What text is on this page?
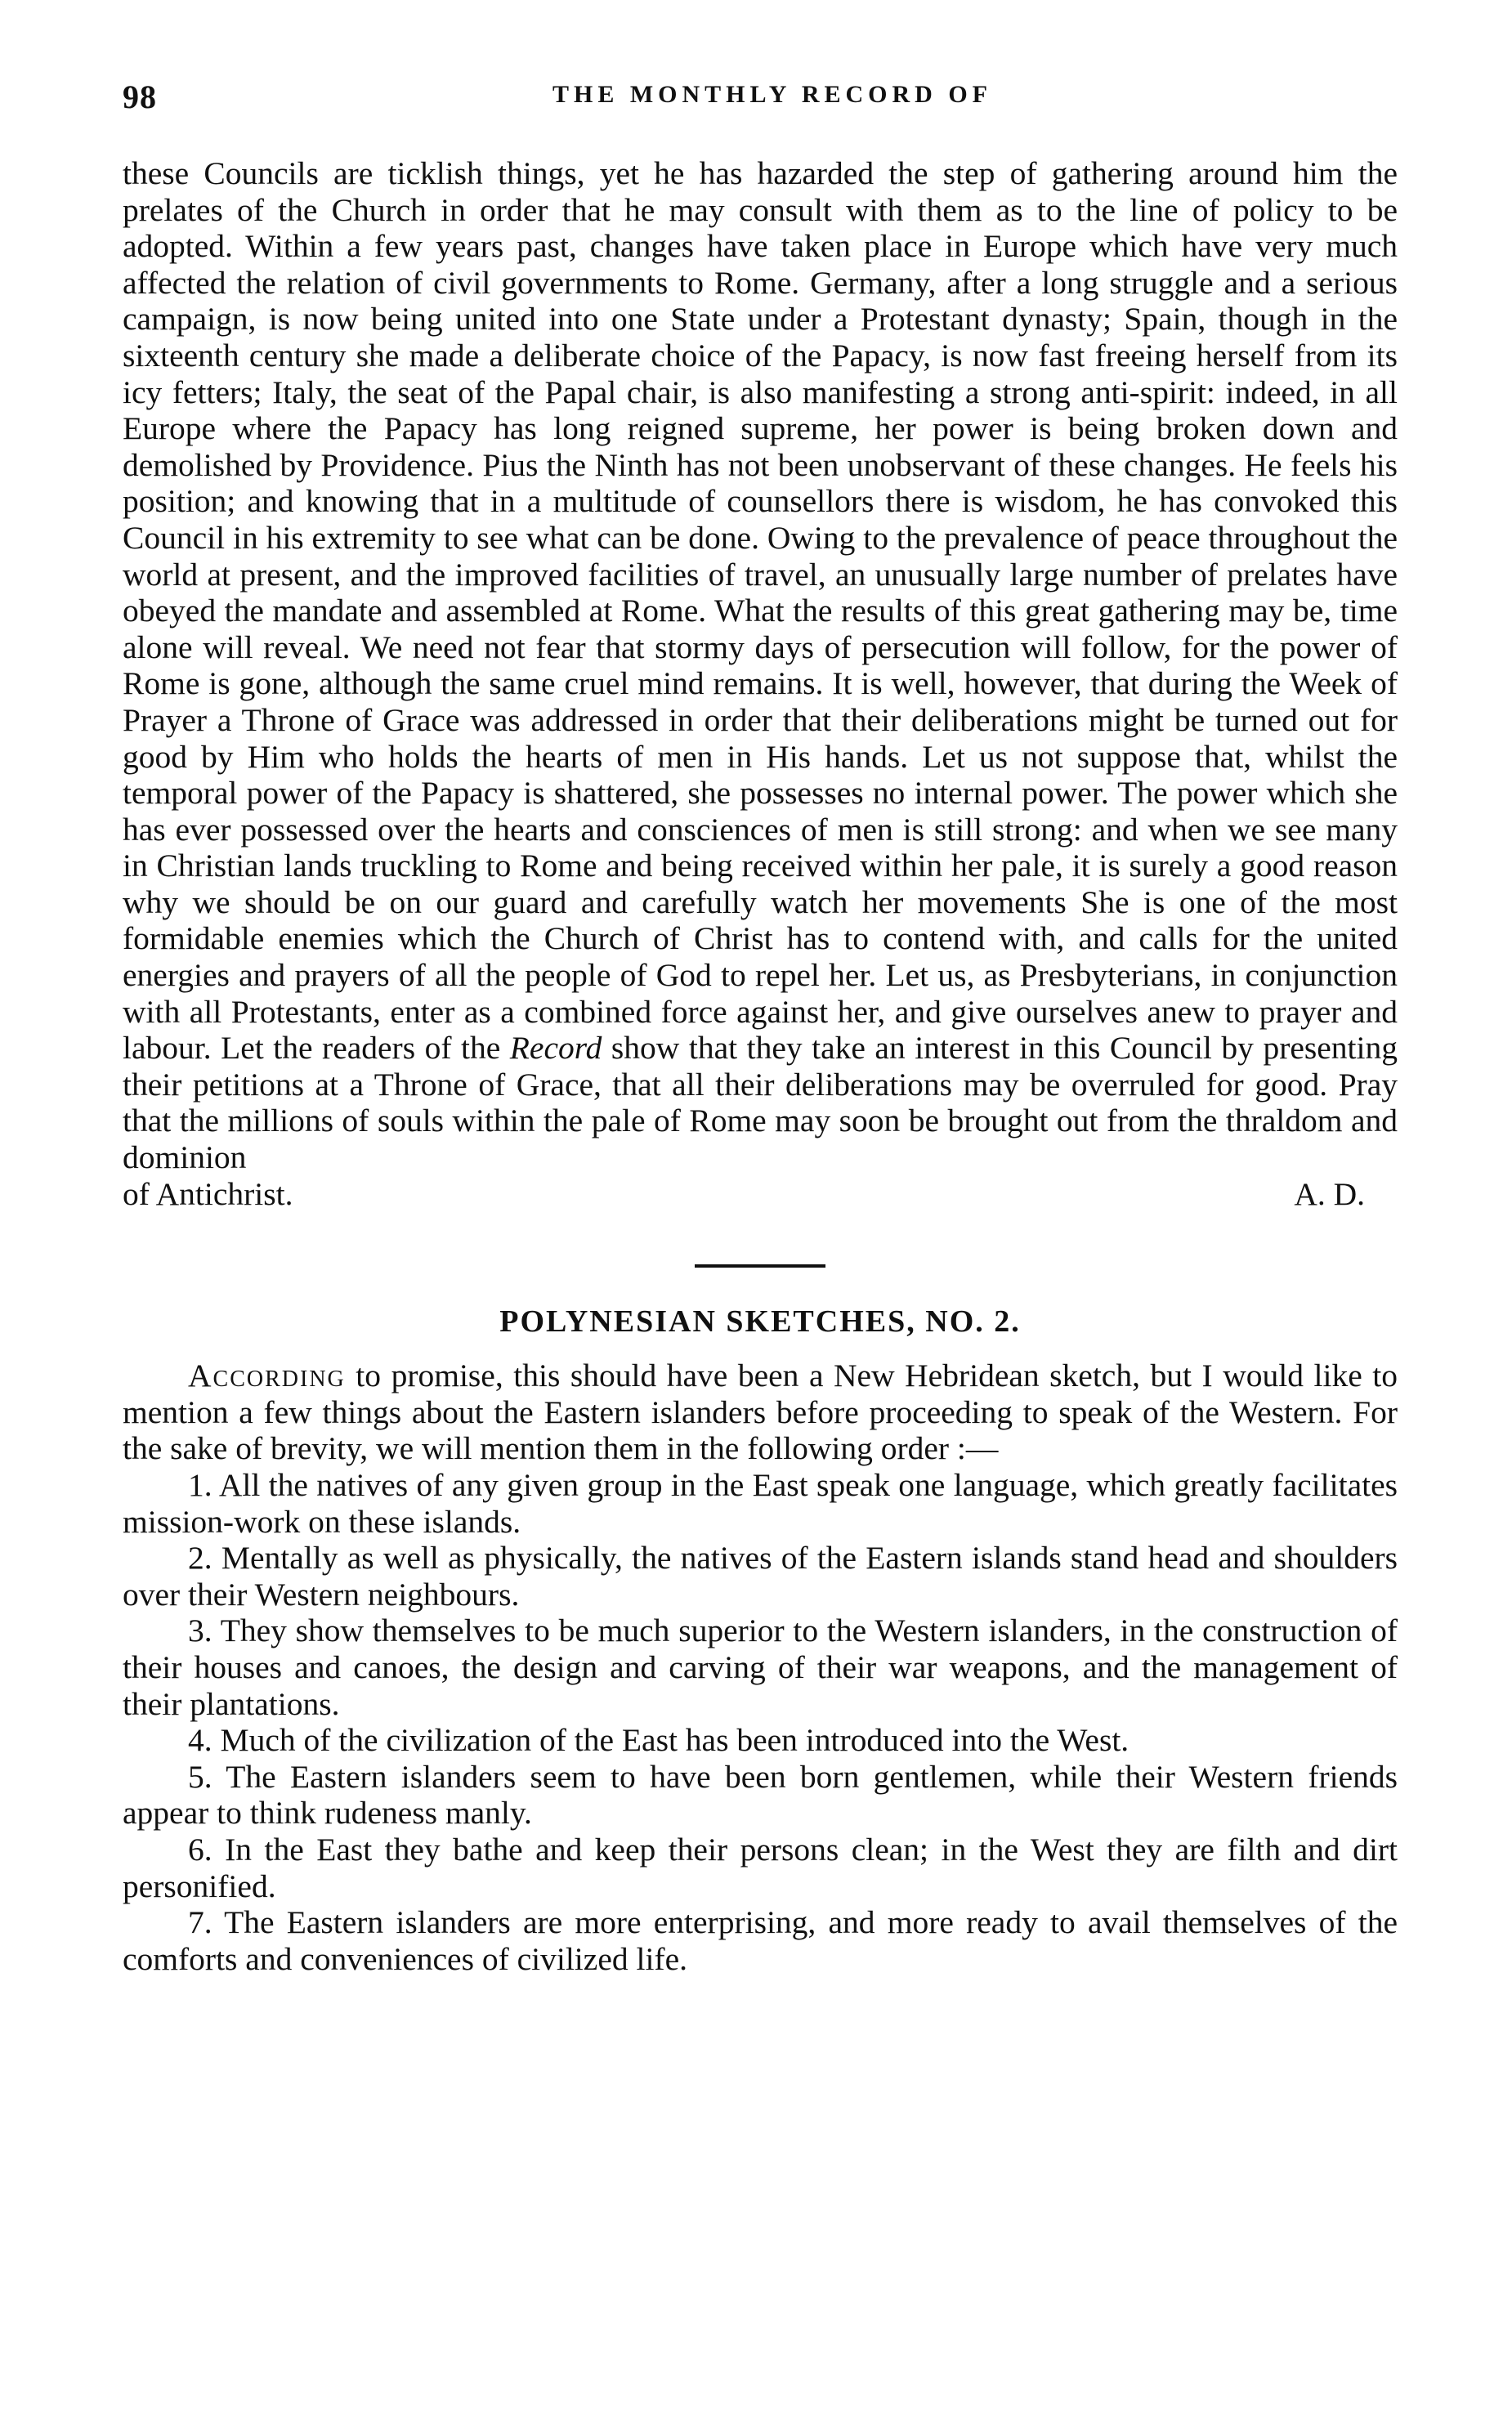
98	THE MONTHLY RECORD OF

these Councils are ticklish things, yet he has hazarded the step of gathering around him the prelates of the Church in order that he may consult with them as to the line of policy to be adopted. Within a few years past, changes have taken place in Europe which have very much affected the relation of civil governments to Rome. Germany, after a long struggle and a serious campaign, is now being united into one State under a Protestant dynasty; Spain, though in the sixteenth century she made a deliberate choice of the Papacy, is now fast freeing herself from its icy fetters; Italy, the seat of the Papal chair, is also manifesting a strong anti-spirit: indeed, in all Europe where the Papacy has long reigned supreme, her power is being broken down and demolished by Providence. Pius the Ninth has not been unobservant of these changes. He feels his position; and knowing that in a multitude of counsellors there is wisdom, he has convoked this Council in his extremity to see what can be done. Owing to the prevalence of peace throughout the world at present, and the improved facilities of travel, an unusually large number of prelates have obeyed the mandate and assembled at Rome. What the results of this great gathering may be, time alone will reveal. We need not fear that stormy days of persecution will follow, for the power of Rome is gone, although the same cruel mind remains. It is well, however, that during the Week of Prayer a Throne of Grace was addressed in order that their deliberations might be turned out for good by Him who holds the hearts of men in His hands. Let us not suppose that, whilst the temporal power of the Papacy is shattered, she possesses no internal power. The power which she has ever possessed over the hearts and consciences of men is still strong: and when we see many in Christian lands truckling to Rome and being received within her pale, it is surely a good reason why we should be on our guard and carefully watch her movements She is one of the most formidable enemies which the Church of Christ has to contend with, and calls for the united energies and prayers of all the people of God to repel her. Let us, as Presbyterians, in conjunction with all Protestants, enter as a combined force against her, and give ourselves anew to prayer and labour. Let the readers of the Record show that they take an interest in this Council by presenting their petitions at a Throne of Grace, that all their deliberations may be overruled for good. Pray that the millions of souls within the pale of Rome may soon be brought out from the thraldom and dominion

of Antichrist.	A. D.
POLYNESIAN SKETCHES, NO. 2.

According to promise, this should have been a New Hebridean sketch, but I would like to mention a few things about the Eastern islanders before proceeding to speak of the Western. For the sake of brevity, we will mention them in the following order :—

1. All the natives of any given group in the East speak one language, which greatly facilitates mission-work on these islands.

2. Mentally as well as physically, the natives of the Eastern islands stand head and shoulders over their Western neighbours.

3. They show themselves to be much superior to the Western islanders, in the construction of their houses and canoes, the design and carving of their war weapons, and the management of their plantations.

4. Much of the civilization of the East has been introduced into the West.

5. The Eastern islanders seem to have been born gentlemen, while their Western friends appear to think rudeness manly.

6. In the East they bathe and keep their persons clean; in the West they are filth and dirt personified.

7. The Eastern islanders are more enterprising, and more ready to avail themselves of the comforts and conveniences of civilized life.
